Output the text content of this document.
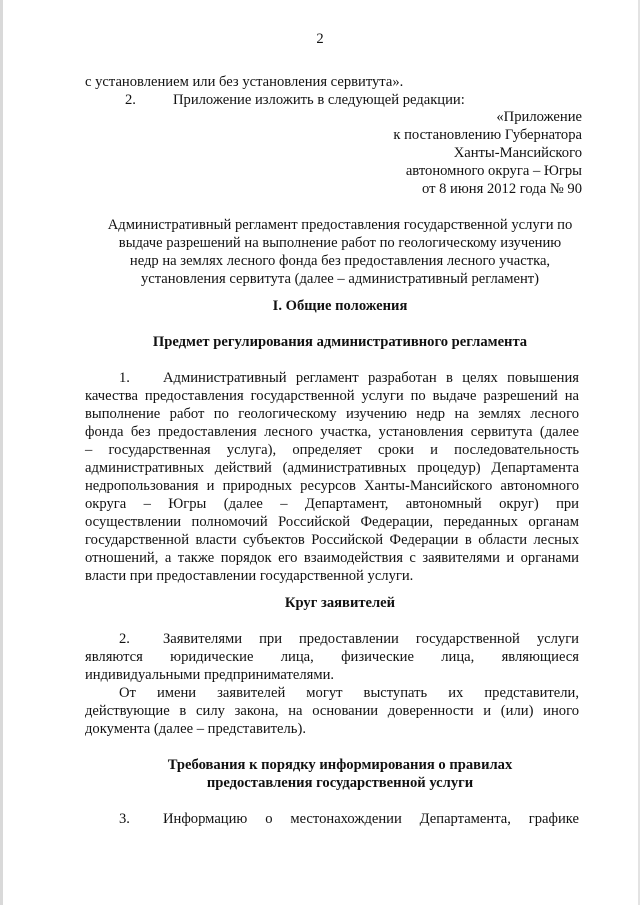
2
с установлением или без установления сервитута».
2.	Приложение изложить в следующей редакции:
«Приложение
к постановлению Губернатора
Ханты-Мансийского
автономного округа – Югры
от 8 июня 2012 года № 90
Административный регламент предоставления государственной услуги по
выдаче разрешений на выполнение работ по геологическому изучению
недр на землях лесного фонда без предоставления лесного участка,
установления сервитута (далее – административный регламент)
I. Общие положения
Предмет регулирования административного регламента
1. Административный регламент разработан в целях повышения
качества предоставления государственной услуги по выдаче разрешений на
выполнение работ по геологическому изучению недр на землях лесного
фонда без предоставления лесного участка, установления сервитута (далее
– государственная услуга), определяет сроки и последовательность
административных действий (административных процедур) Департамента
недропользования и природных ресурсов Ханты-Мансийского автономного
округа – Югры (далее – Департамент, автономный округ) при
осуществлении полномочий Российской Федерации, переданных органам
государственной власти субъектов Российской Федерации в области лесных
отношений, а также порядок его взаимодействия с заявителями и органами
власти при предоставлении государственной услуги.
Круг заявителей
2. Заявителями при предоставлении государственной услуги
являются юридические лица, физические лица, являющиеся
индивидуальными предпринимателями.
От имени заявителей могут выступать их представители,
действующие в силу закона, на основании доверенности и (или) иного
документа (далее – представитель).
Требования к порядку информирования о правилах
предоставления государственной услуги
3. Информацию о местонахождении Департамента, графике
